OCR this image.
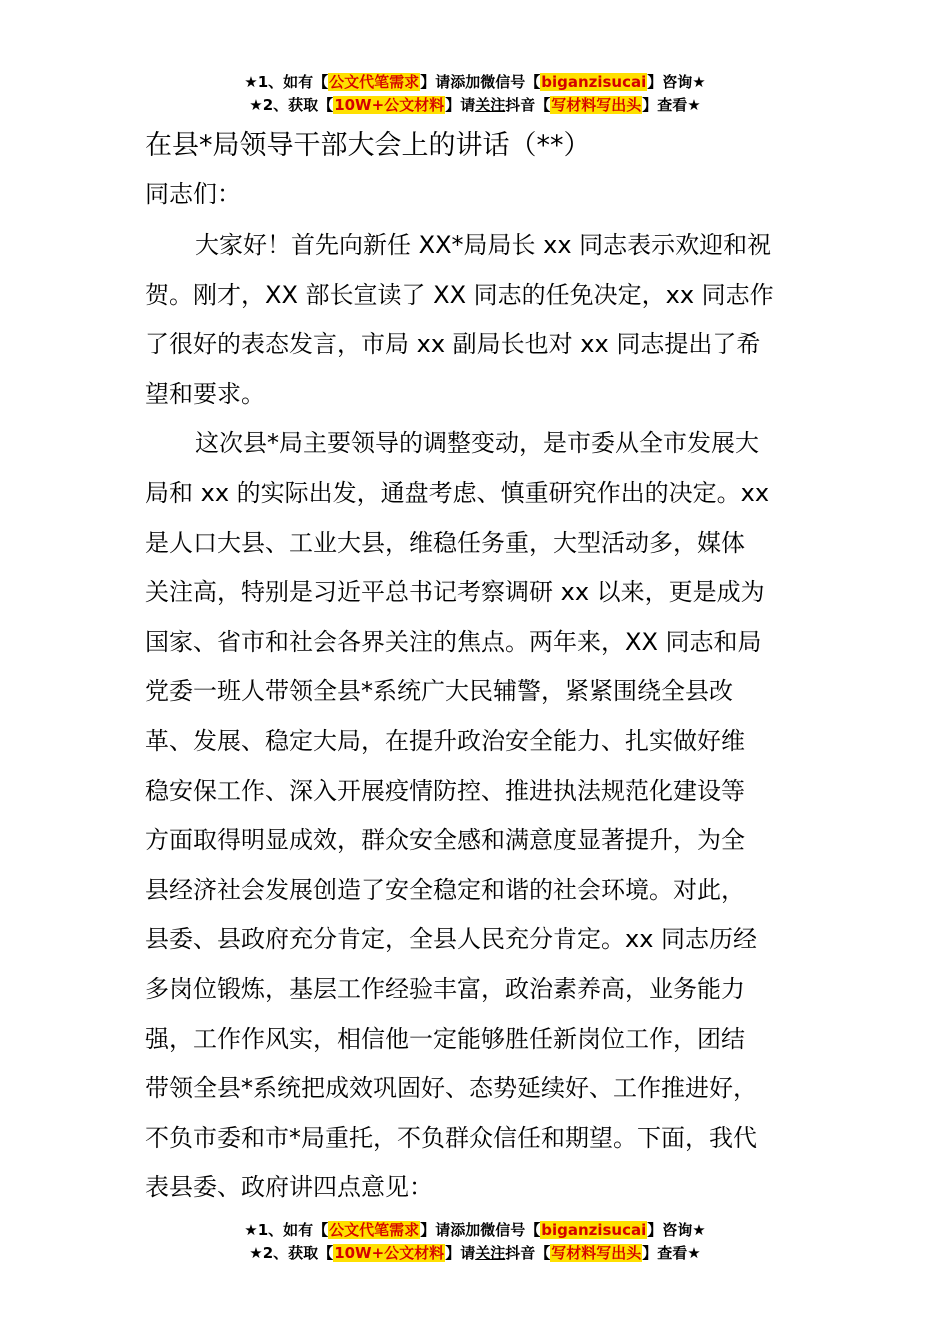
★1、如有【公文代笔需求】请添加微信号【biganzisucai】咨询★
★2、获取【10W+公文材料】请关注抖音【写材料写出头】查看★
在县*局领导干部大会上的讲话（**）
同志们：
大家好！首先向新任 XX*局局长 xx 同志表示欢迎和祝
贺。刚才，XX 部长宣读了 XX 同志的任免决定，xx 同志作
了很好的表态发言，市局 xx 副局长也对 xx 同志提出了希
望和要求。
这次县*局主要领导的调整变动，是市委从全市发展大
局和 xx 的实际出发，通盘考虑、慎重研究作出的决定。xx
是人口大县、工业大县，维稳任务重，大型活动多，媒体
关注高，特别是习近平总书记考察调研 xx 以来，更是成为
国家、省市和社会各界关注的焦点。两年来，XX 同志和局
党委一班人带领全县*系统广大民辅警，紧紧围绕全县改
革、发展、稳定大局，在提升政治安全能力、扎实做好维
稳安保工作、深入开展疫情防控、推进执法规范化建设等
方面取得明显成效，群众安全感和满意度显著提升，为全
县经济社会发展创造了安全稳定和谐的社会环境。对此，
县委、县政府充分肯定，全县人民充分肯定。xx 同志历经
多岗位锻炼，基层工作经验丰富，政治素养高，业务能力
强，工作作风实，相信他一定能够胜任新岗位工作，团结
带领全县*系统把成效巩固好、态势延续好、工作推进好，
不负市委和市*局重托，不负群众信任和期望。下面，我代
表县委、政府讲四点意见：
★1、如有【公文代笔需求】请添加微信号【biganzisucai】咨询★
★2、获取【10W+公文材料】请关注抖音【写材料写出头】查看★
